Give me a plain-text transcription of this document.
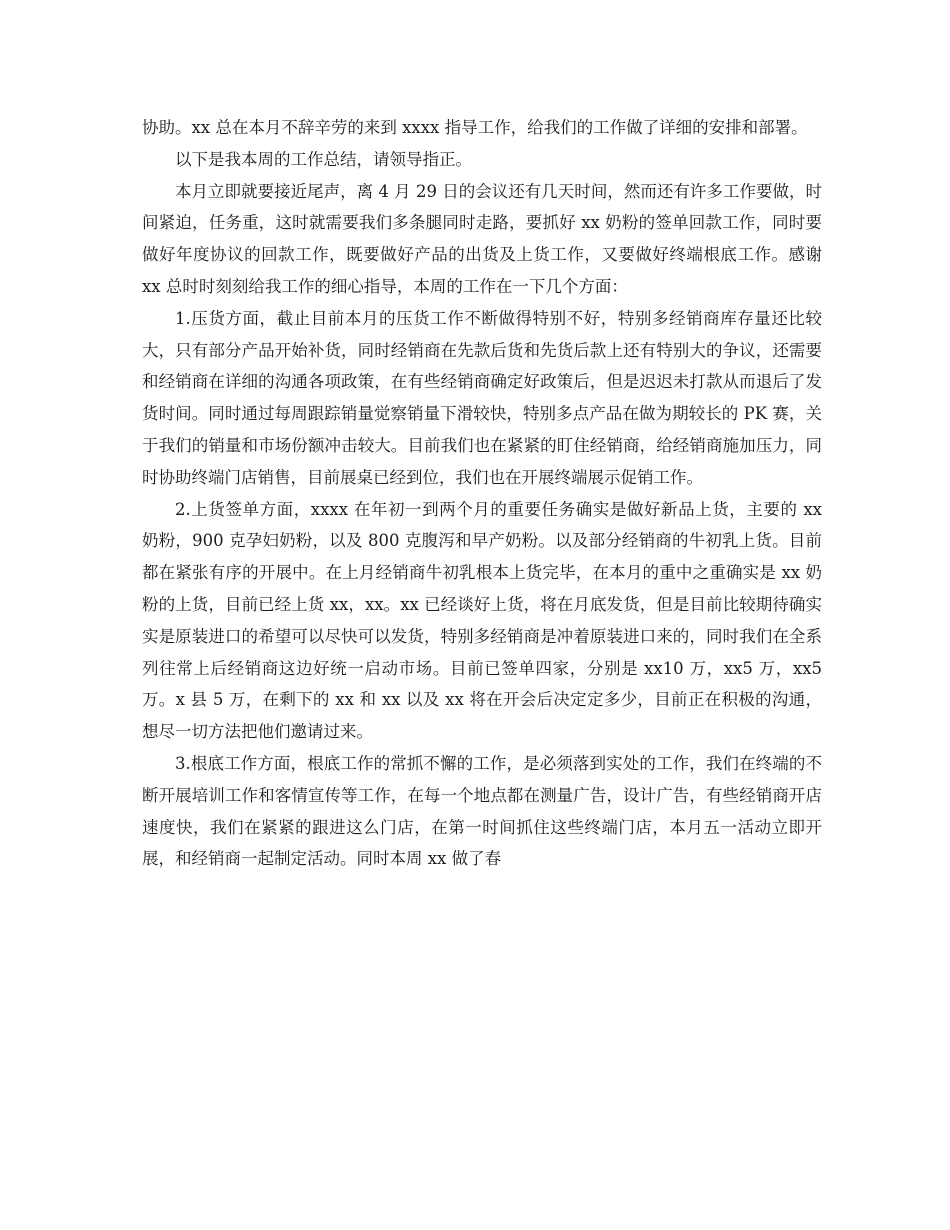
协助。xx 总在本月不辞辛劳的来到 xxxx 指导工作，给我们的工作做了详细的安排和部署。

以下是我本周的工作总结，请领导指正。

本月立即就要接近尾声，离 4 月 29 日的会议还有几天时间，然而还有许多工作要做，时间紧迫，任务重，这时就需要我们多条腿同时走路，要抓好 xx 奶粉的签单回款工作，同时要做好年度协议的回款工作，既要做好产品的出货及上货工作，又要做好终端根底工作。感谢 xx 总时时刻刻给我工作的细心指导，本周的工作在一下几个方面：

1.压货方面，截止目前本月的压货工作不断做得特别不好，特别多经销商库存量还比较大，只有部分产品开始补货，同时经销商在先款后货和先货后款上还有特别大的争议，还需要和经销商在详细的沟通各项政策，在有些经销商确定好政策后，但是迟迟未打款从而退后了发货时间。同时通过每周跟踪销量觉察销量下滑较快，特别多点产品在做为期较长的 PK 赛，关于我们的销量和市场份额冲击较大。目前我们也在紧紧的盯住经销商，给经销商施加压力，同时协助终端门店销售，目前展桌已经到位，我们也在开展终端展示促销工作。

2.上货签单方面，xxxx 在年初一到两个月的重要任务确实是做好新品上货，主要的 xx 奶粉，900 克孕妇奶粉，以及 800 克腹泻和早产奶粉。以及部分经销商的牛初乳上货。目前都在紧张有序的开展中。在上月经销商牛初乳根本上货完毕，在本月的重中之重确实是 xx 奶粉的上货，目前已经上货 xx，xx。xx 已经谈好上货，将在月底发货，但是目前比较期待确实实是原装进口的希望可以尽快可以发货，特别多经销商是冲着原装进口来的，同时我们在全系列往常上后经销商这边好统一启动市场。目前已签单四家，分别是 xx10 万，xx5 万，xx5 万。x 县 5 万，在剩下的 xx 和 xx 以及 xx 将在开会后决定定多少，目前正在积极的沟通，想尽一切方法把他们邀请过来。

3.根底工作方面，根底工作的常抓不懈的工作，是必须落到实处的工作，我们在终端的不断开展培训工作和客情宣传等工作，在每一个地点都在测量广告，设计广告，有些经销商开店速度快，我们在紧紧的跟进这么门店，在第一时间抓住这些终端门店，本月五一活动立即开展，和经销商一起制定活动。同时本周 xx 做了春
